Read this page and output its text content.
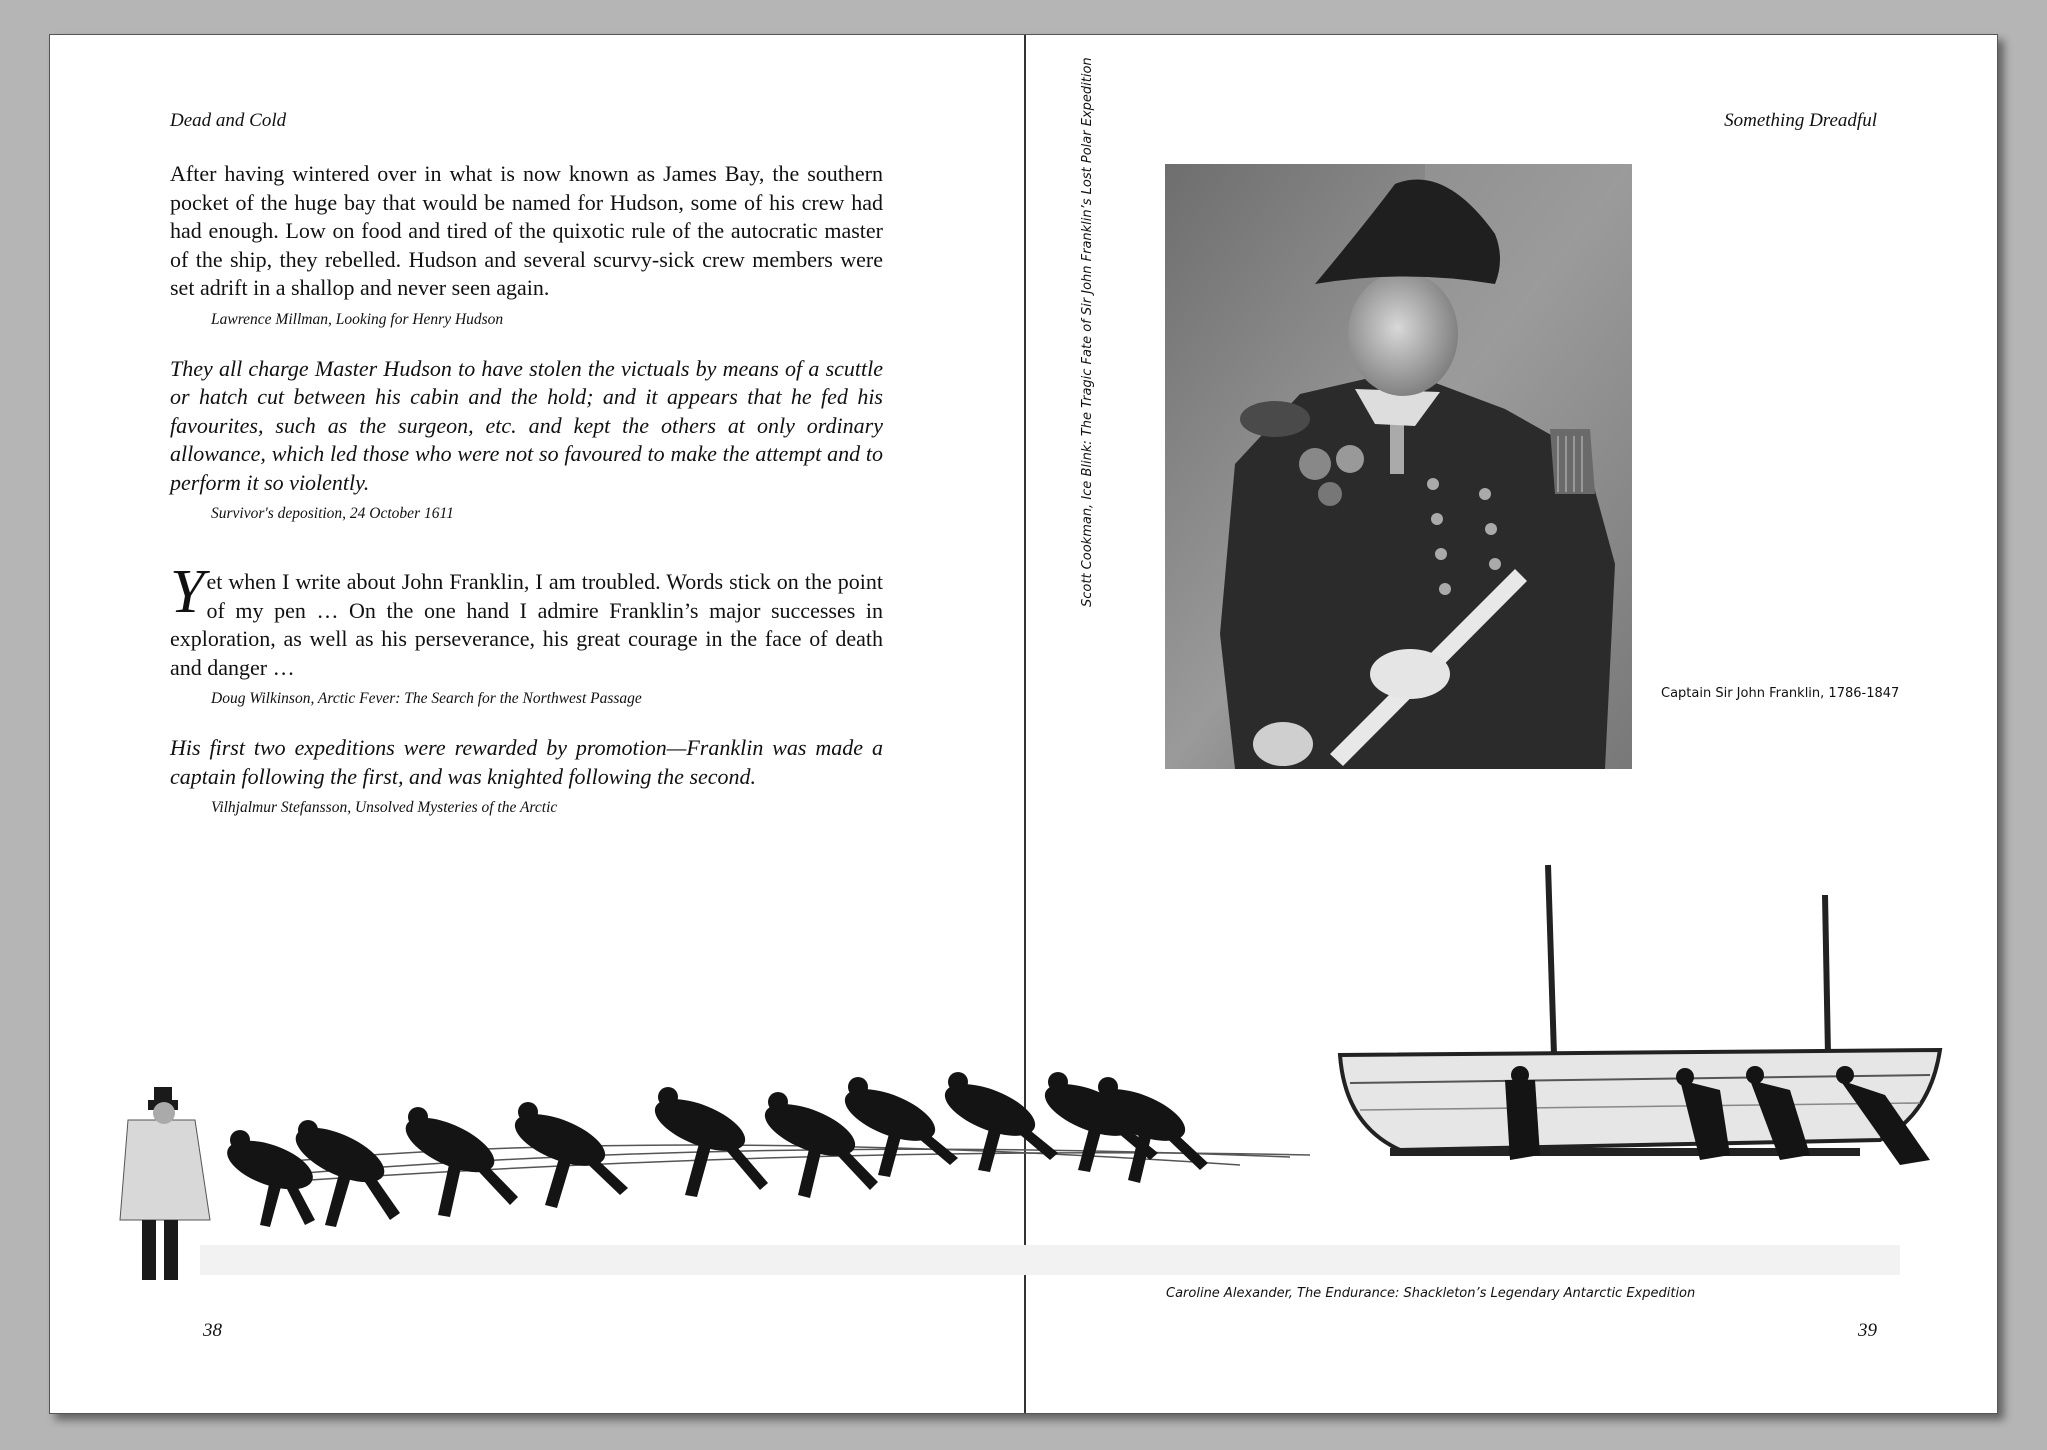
Dead and Cold

After having wintered over in what is now known as James Bay, the southern pocket of the huge bay that would be named for Hudson, some of his crew had had enough. Low on food and tired of the quixotic rule of the autocratic master of the ship, they rebelled. Hudson and several scurvy-sick crew members were set adrift in a shallop and never seen again.

Lawrence Millman, Looking for Henry Hudson

They all charge Master Hudson to have stolen the victuals by means of a scuttle or hatch cut between his cabin and the hold; and it appears that he fed his favourites, such as the surgeon, etc. and kept the others at only ordinary allowance, which led those who were not so favoured to make the attempt and to perform it so violently.

Survivor's deposition, 24 October 1611

Yet when I write about John Franklin, I am troubled. Words stick on the point of my pen … On the one hand I admire Franklin’s major successes in exploration, as well as his perseverance, his great courage in the face of death and danger …

Doug Wilkinson, Arctic Fever: The Search for the Northwest Passage

His first two expeditions were rewarded by promotion—Franklin was made a captain following the first, and was knighted following the second.

Vilhjalmur Stefansson, Unsolved Mysteries of the Arctic
38
Something Dreadful
Scott Cookman, Ice Blink: The Tragic Fate of Sir John Franklin’s Lost Polar Expedition
Captain Sir John Franklin, 1786-1847
Caroline Alexander, The Endurance: Shackleton’s Legendary Antarctic Expedition
39
